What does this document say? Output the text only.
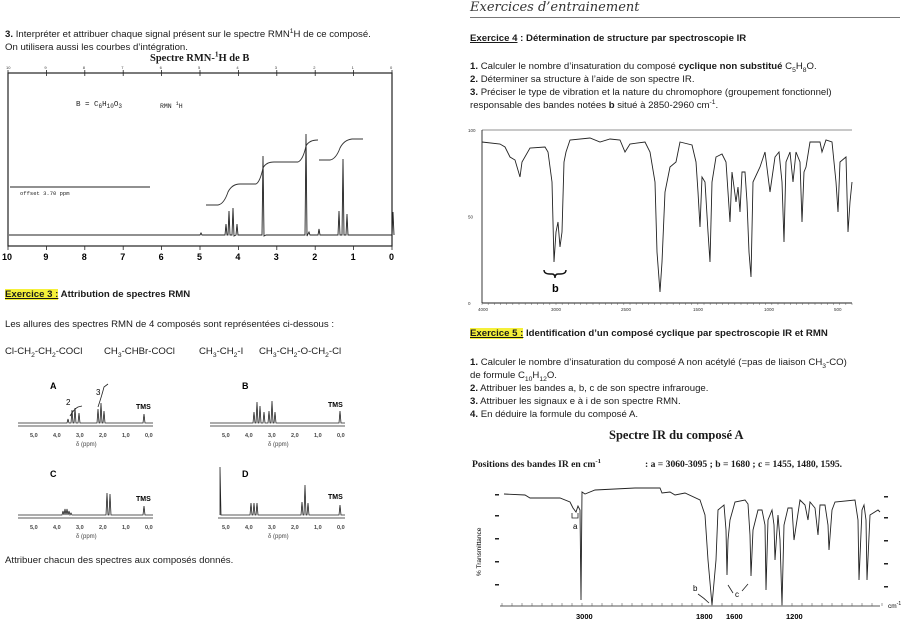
3. Interpréter et attribuer chaque signal présent sur le spectre RMN$^1$H de ce composé.
On utilisera aussi les courbes d’intégration.
Spectre RMN-$^1$H de B
10	9	8	7	6	5	4	3	2	1	0
offset 3.70 ppm
$B = C_6H_{10}O_3$	RMN $^1$H
10	9	8	7	6	5	4	3	2	1	0
Exercice 3 : Attribution de spectres RMN
Les allures des spectres RMN de 4 composés sont représentées ci-dessous :
$Cl-CH_2-CH_2$-COCl $CH_3-CHBr$-COCl	$CH_3-CH_2-I$ $CH_3-CH_2-O-CH_2-Cl$
A
2
3
TMS
5,0	4,0	3,0	2,0	1,0	0,0
δ (ppm)
B
TMS
5,0	4,0	3,0	2,0	1,0	0,0
δ (ppm)
C
TMS
5,0	4,0	3,0	2,0	1,0	0,0
δ (ppm)
D
TMS
5,0	4,0	3,0	2,0	1,0	0,0
δ (ppm)
Attribuer chacun des spectres aux composés donnés.
Exercices d’entrainement
Exercice 4 : Détermination de structure par spectroscopie IR
1. Calculer le nombre d’insaturation du composé cyclique non substitué $C_5H_8O$.
2. Déterminer sa structure à l’aide de son spectre IR.
3. Préciser le type de vibration et la nature du chromophore (groupement fonctionnel)
responsable des bandes notées b situé à 2850-2960 $cm^{-1}$.
100
50
0
4000	3000	2500	1500	1000	500
b
Exercice 5 : Identification d’un composé cyclique par spectroscopie IR et RMN
1. Calculer le nombre d’insaturation du composé A non acétylé (=pas de liaison $CH_3-CO$)
de formule $C_{10}H_{12}O$.
2. Attribuer les bandes a, b, c de son spectre infrarouge.
3. Attribuer les signaux e à i de son spectre RMN.
4. En déduire la formule du composé A.
Spectre IR du composé A
Positions des bandes IR en $cm^{-1}$	: a = 3060-3095 ; b = 1680 ; c = 1455, 1480, 1595.
% Transmittance
a
b
c
3000	1800 1600	1200
$cm^{-1}$
